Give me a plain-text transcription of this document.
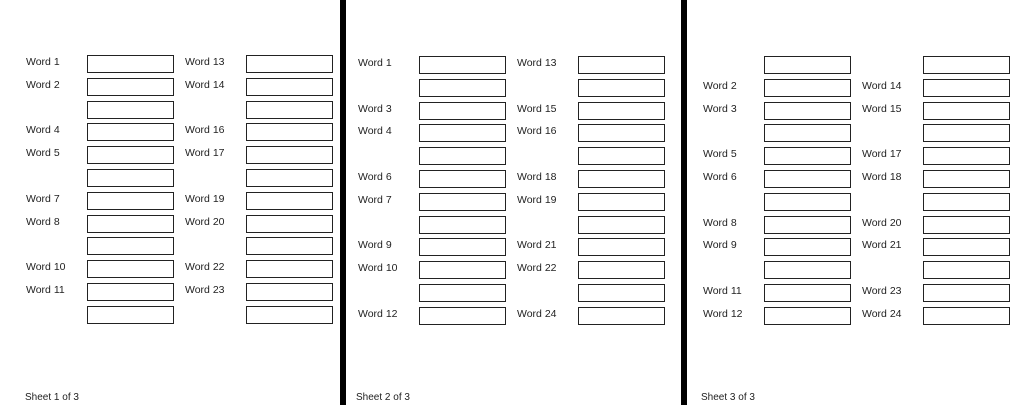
Word 1
Word 2
Word 4
Word 5
Word 7
Word 8
Word 10
Word 11
Word 13
Word 14
Word 16
Word 17
Word 19
Word 20
Word 22
Word 23
Sheet 1 of 3
Word 1
Word 3
Word 4
Word 6
Word 7
Word 9
Word 10
Word 12
Word 13
Word 15
Word 16
Word 18
Word 19
Word 21
Word 22
Word 24
Sheet 2 of 3
Word 2
Word 3
Word 5
Word 6
Word 8
Word 9
Word 11
Word 12
Word 14
Word 15
Word 17
Word 18
Word 20
Word 21
Word 23
Word 24
Sheet 3 of 3
